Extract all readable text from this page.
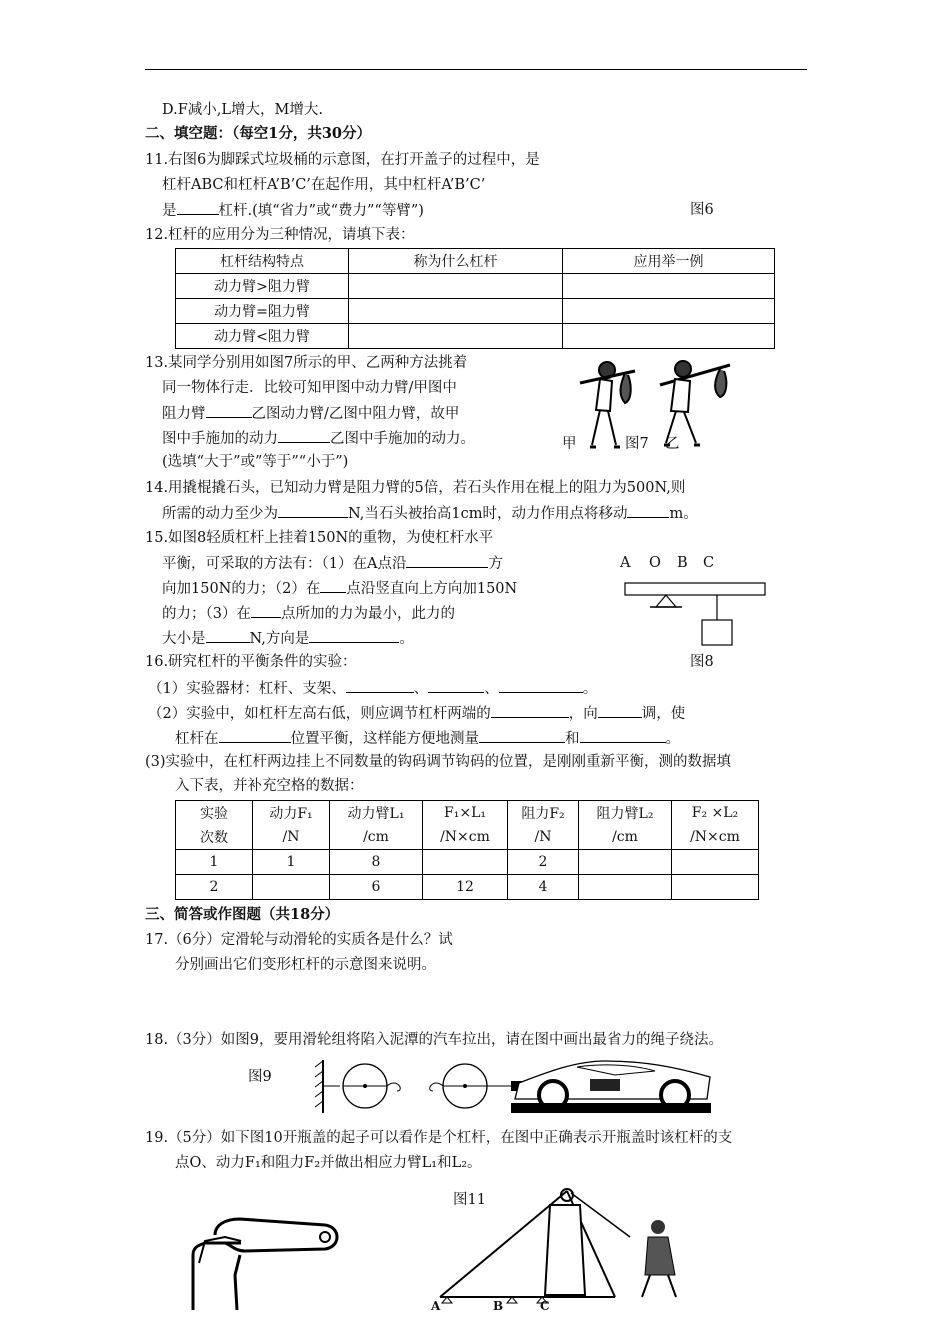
D.F减小,L增大，M增大.
二、填空题：（每空1分，共30分）
11.右图6为脚踩式垃圾桶的示意图，在打开盖子的过程中，是
杠杆ABC和杠杆A’B’C’在起作用，其中杠杆A’B’C’
是	杠杆.(填“省力”或“费力”“等臂”)	图6
12.杠杆的应用分为三种情况，请填下表：
杠杆结构特点	称为什么杠杆	应用举一例
动力臂>阻力臂		
动力臂=阻力臂		
动力臂<阻力臂		
13.某同学分别用如图7所示的甲、乙两种方法挑着
同一物体行走．比较可知甲图中动力臂/甲图中
阻力臂	乙图动力臂/乙图中阻力臂，故甲
图中手施加的动力	乙图中手施加的动力。
(选填“大于”或”等于”“小于”)
甲	图7 乙
14.用撬棍撬石头，已知动力臂是阻力臂的5倍，若石头作用在棍上的阻力为500N,则
所需的动力至少为	N,当石头被抬高1cm时，动力作用点将移动	m。
15.如图8轻质杠杆上挂着150N的重物，为使杠杆水平
平衡，可采取的方法有：（1）在A点沿	方
向加150N的力；（2）在 点沿竖直向上方向加150N
的力；（3）在 点所加的力为最小，此力的
大小是	N,方向是	。
A O B C
图8
16.研究杠杆的平衡条件的实验：
（1）实验器材：杠杆、支架、	、	、	。
（2）实验中，如杠杆左高右低，则应调节杠杆两端的	，向	调，使
杠杆在	位置平衡，这样能方便地测量	和	。
(3)实验中，在杠杆两边挂上不同数量的钩码调节钩码的位置，是刚刚重新平衡，测的数据填
入下表，并补充空格的数据：
实验	动力F₁	动力臂L₁	F₁×L₁	阻力F₂	阻力臂L₂	F₂ ×L₂
次数	/N	/cm	/N×cm	/N	/cm	/N×cm
1	1	8		2		
2		6	12	4		
三、简答或作图题（共18分）
17.（6分）定滑轮与动滑轮的实质各是什么？试
分别画出它们变形杠杆的示意图来说明。
18.（3分）如图9，要用滑轮组将陷入泥潭的汽车拉出，请在图中画出最省力的绳子绕法。
图9
19.（5分）如下图10开瓶盖的起子可以看作是个杠杆，在图中正确表示开瓶盖时该杠杆的支
点O、动力F₁和阻力F₂并做出相应力臂L₁和L₂。
图11
A	B	C
